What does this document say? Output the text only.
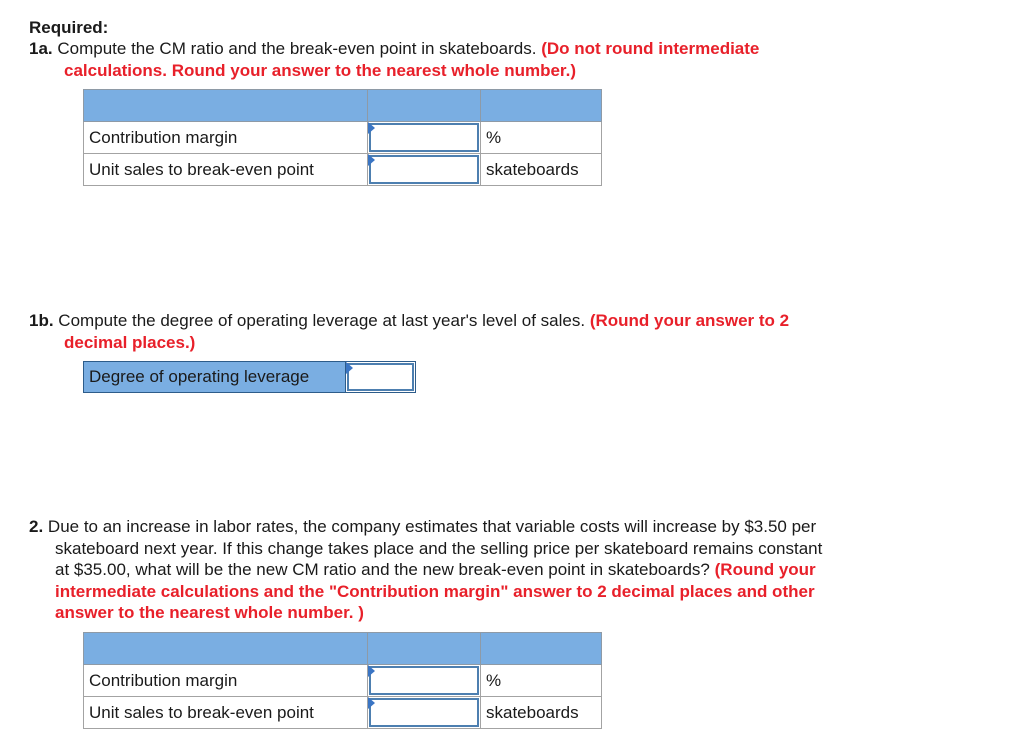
Required:
1a. Compute the CM ratio and the break-even point in skateboards. (Do not round intermediate
calculations. Round your answer to the nearest whole number.)

Contribution margin		%
Unit sales to break-even point		skateboards
1b. Compute the degree of operating leverage at last year's level of sales. (Round your answer to 2
decimal places.)
Degree of operating leverage
2. Due to an increase in labor rates, the company estimates that variable costs will increase by $3.50 per
skateboard next year. If this change takes place and the selling price per skateboard remains constant
at $35.00, what will be the new CM ratio and the new break-even point in skateboards? (Round your
intermediate calculations and the "Contribution margin" answer to 2 decimal places and other
answer to the nearest whole number. )

Contribution margin		%
Unit sales to break-even point		skateboards
